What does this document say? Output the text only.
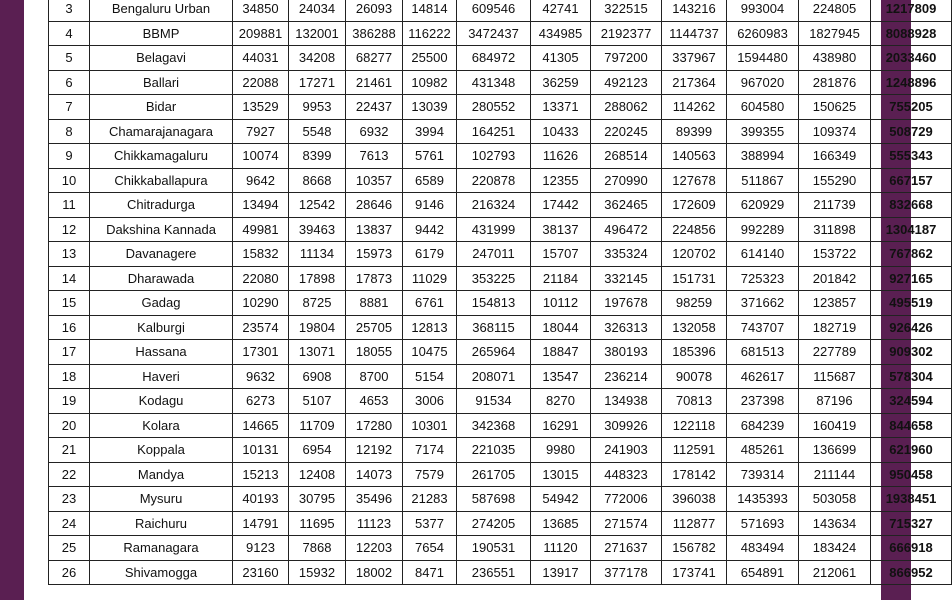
3	Bengaluru Urban	34850	24034	26093	14814	609546	42741	322515	143216	993004	224805	1217809
4	BBMP	209881	132001	386288	116222	3472437	434985	2192377	1144737	6260983	1827945	8088928
5	Belagavi	44031	34208	68277	25500	684972	41305	797200	337967	1594480	438980	2033460
6	Ballari	22088	17271	21461	10982	431348	36259	492123	217364	967020	281876	1248896
7	Bidar	13529	9953	22437	13039	280552	13371	288062	114262	604580	150625	755205
8	Chamarajanagara	7927	5548	6932	3994	164251	10433	220245	89399	399355	109374	508729
9	Chikkamagaluru	10074	8399	7613	5761	102793	11626	268514	140563	388994	166349	555343
10	Chikkaballapura	9642	8668	10357	6589	220878	12355	270990	127678	511867	155290	667157
11	Chitradurga	13494	12542	28646	9146	216324	17442	362465	172609	620929	211739	832668
12	Dakshina Kannada	49981	39463	13837	9442	431999	38137	496472	224856	992289	311898	1304187
13	Davanagere	15832	11134	15973	6179	247011	15707	335324	120702	614140	153722	767862
14	Dharawada	22080	17898	17873	11029	353225	21184	332145	151731	725323	201842	927165
15	Gadag	10290	8725	8881	6761	154813	10112	197678	98259	371662	123857	495519
16	Kalburgi	23574	19804	25705	12813	368115	18044	326313	132058	743707	182719	926426
17	Hassana	17301	13071	18055	10475	265964	18847	380193	185396	681513	227789	909302
18	Haveri	9632	6908	8700	5154	208071	13547	236214	90078	462617	115687	578304
19	Kodagu	6273	5107	4653	3006	91534	8270	134938	70813	237398	87196	324594
20	Kolara	14665	11709	17280	10301	342368	16291	309926	122118	684239	160419	844658
21	Koppala	10131	6954	12192	7174	221035	9980	241903	112591	485261	136699	621960
22	Mandya	15213	12408	14073	7579	261705	13015	448323	178142	739314	211144	950458
23	Mysuru	40193	30795	35496	21283	587698	54942	772006	396038	1435393	503058	1938451
24	Raichuru	14791	11695	11123	5377	274205	13685	271574	112877	571693	143634	715327
25	Ramanagara	9123	7868	12203	7654	190531	11120	271637	156782	483494	183424	666918
26	Shivamogga	23160	15932	18002	8471	236551	13917	377178	173741	654891	212061	866952
